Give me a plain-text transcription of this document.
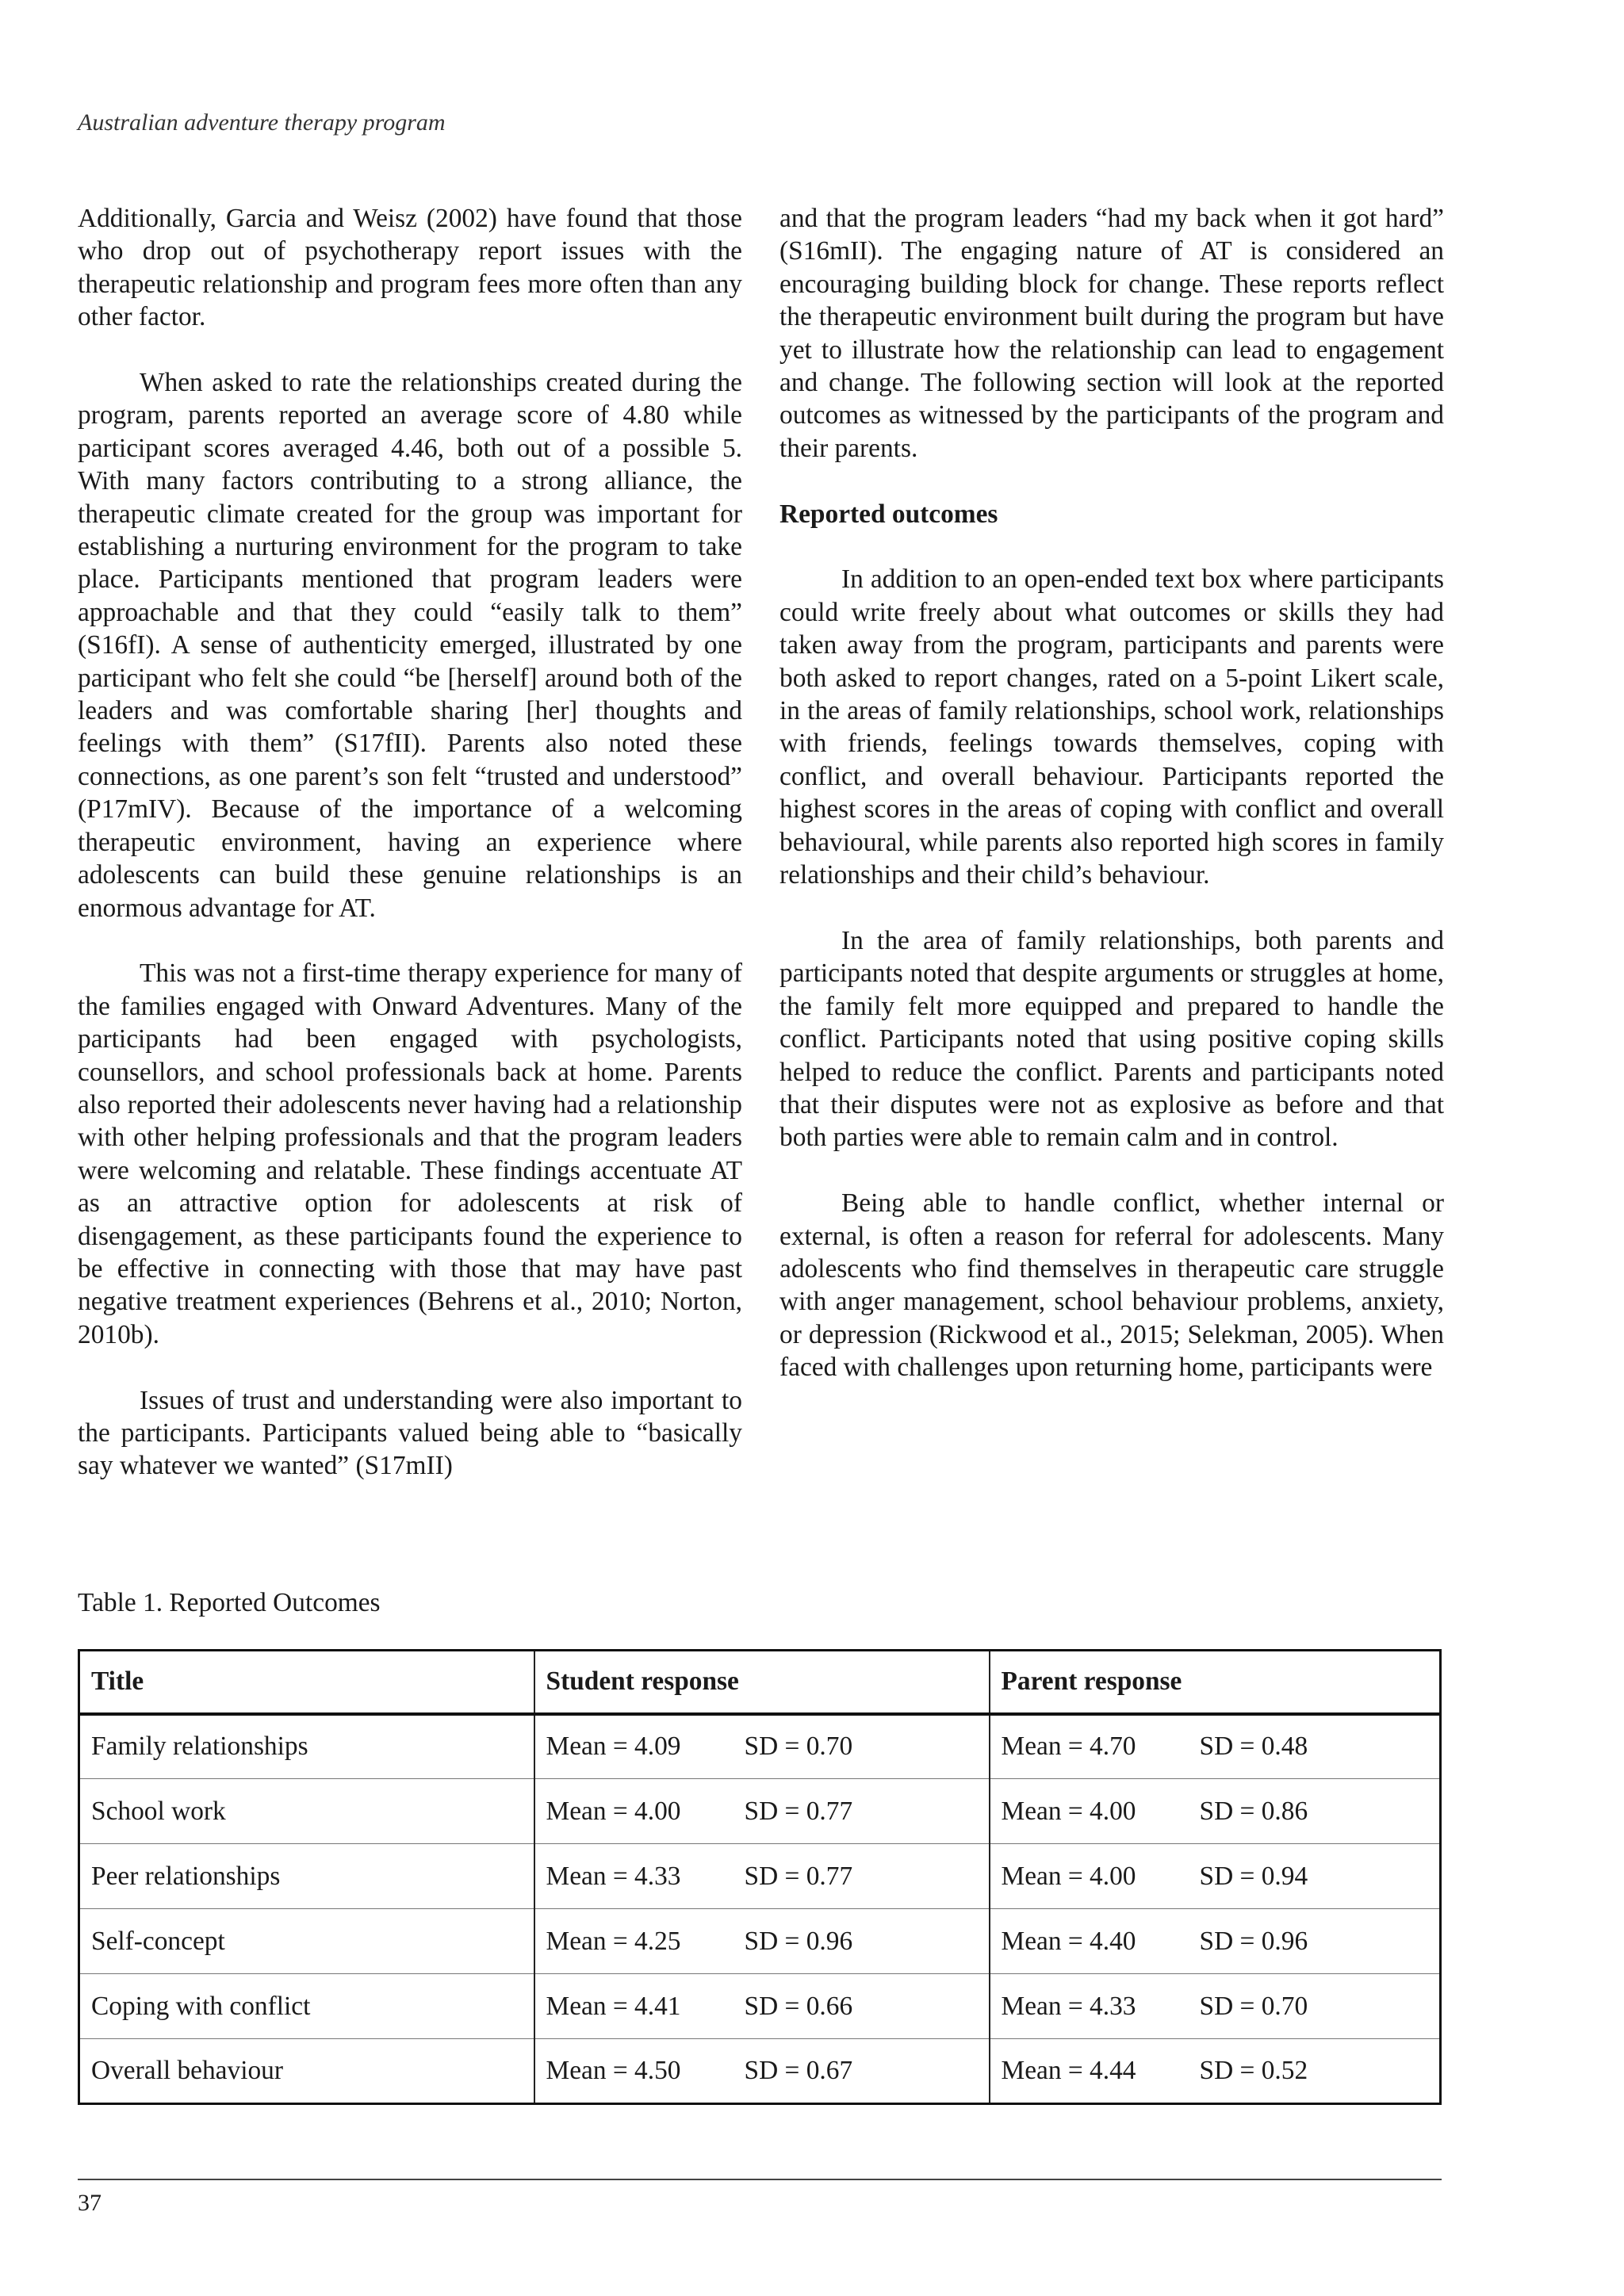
Australian adventure therapy program

Additionally, Garcia and Weisz (2002) have found that those who drop out of psychotherapy report issues with the therapeutic relationship and program fees more often than any other factor.

When asked to rate the relationships created during the program, parents reported an average score of 4.80 while participant scores averaged 4.46, both out of a possible 5. With many factors contributing to a strong alliance, the therapeutic climate created for the group was important for establishing a nurturing environment for the program to take place. Participants mentioned that program leaders were approachable and that they could “easily talk to them” (S16fI). A sense of authenticity emerged, illustrated by one participant who felt she could “be [herself] around both of the leaders and was comfortable sharing [her] thoughts and feelings with them” (S17fII). Parents also noted these connections, as one parent’s son felt “trusted and understood” (P17mIV). Because of the importance of a welcoming therapeutic environment, having an experience where adolescents can build these genuine relationships is an enormous advantage for AT.

This was not a first-time therapy experience for many of the families engaged with Onward Adventures. Many of the participants had been engaged with psychologists, counsellors, and school professionals back at home. Parents also reported their adolescents never having had a relationship with other helping professionals and that the program leaders were welcoming and relatable. These findings accentuate AT as an attractive option for adolescents at risk of disengagement, as these participants found the experience to be effective in connecting with those that may have past negative treatment experiences (Behrens et al., 2010; Norton, 2010b).

Issues of trust and understanding were also important to the participants. Participants valued being able to “basically say whatever we wanted” (S17mII)

and that the program leaders “had my back when it got hard” (S16mII). The engaging nature of AT is considered an encouraging building block for change. These reports reflect the therapeutic environment built during the program but have yet to illustrate how the relationship can lead to engagement and change. The following section will look at the reported outcomes as witnessed by the participants of the program and their parents.

Reported outcomes

In addition to an open-ended text box where participants could write freely about what outcomes or skills they had taken away from the program, participants and parents were both asked to report changes, rated on a 5-point Likert scale, in the areas of family relationships, school work, relationships with friends, feelings towards themselves, coping with conflict, and overall behaviour. Participants reported the highest scores in the areas of coping with conflict and overall behavioural, while parents also reported high scores in family relationships and their child’s behaviour.

In the area of family relationships, both parents and participants noted that despite arguments or struggles at home, the family felt more equipped and prepared to handle the conflict. Participants noted that using positive coping skills helped to reduce the conflict. Parents and participants noted that their disputes were not as explosive as before and that both parties were able to remain calm and in control.

Being able to handle conflict, whether internal or external, is often a reason for referral for adolescents. Many adolescents who find themselves in therapeutic care struggle with anger management, school behaviour problems, anxiety, or depression (Rickwood et al., 2015; Selekman, 2005). When faced with challenges upon returning home, participants were

Table 1. Reported Outcomes
Title	Student response	Parent response
Family relationships	Mean = 4.09 SD = 0.70	Mean = 4.70 SD = 0.48
School work	Mean = 4.00 SD = 0.77	Mean = 4.00 SD = 0.86
Peer relationships	Mean = 4.33 SD = 0.77	Mean = 4.00 SD = 0.94
Self-concept	Mean = 4.25 SD = 0.96	Mean = 4.40 SD = 0.96
Coping with conflict	Mean = 4.41 SD = 0.66	Mean = 4.33 SD = 0.70
Overall behaviour	Mean = 4.50 SD = 0.67	Mean = 4.44 SD = 0.52
37
